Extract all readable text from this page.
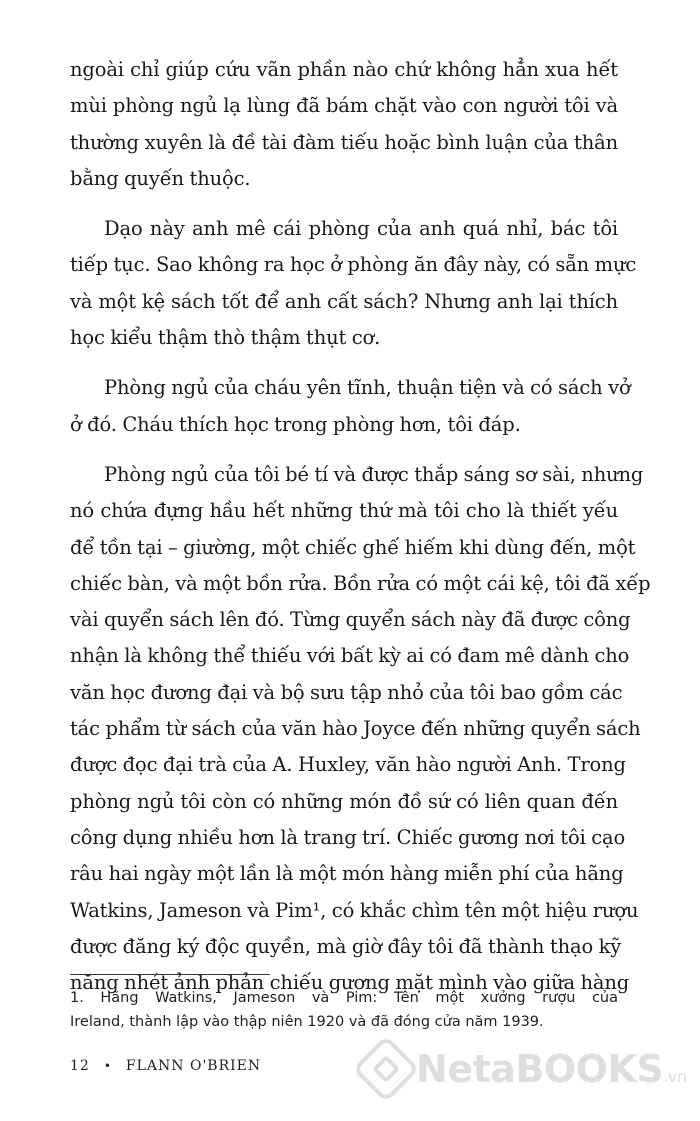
ngoài chỉ giúp cứu vãn phần nào chứ không hẳn xua hết
mùi phòng ngủ lạ lùng đã bám chặt vào con người tôi và
thường xuyên là đề tài đàm tiếu hoặc bình luận của thân
bằng quyến thuộc.
Dạo này anh mê cái phòng của anh quá nhỉ, bác tôi
tiếp tục. Sao không ra học ở phòng ăn đây này, có sẵn mực
và một kệ sách tốt để anh cất sách? Nhưng anh lại thích
học kiểu thậm thò thậm thụt cơ.
Phòng ngủ của cháu yên tĩnh, thuận tiện và có sách vở
ở đó. Cháu thích học trong phòng hơn, tôi đáp.
Phòng ngủ của tôi bé tí và được thắp sáng sơ sài, nhưng
nó chứa đựng hầu hết những thứ mà tôi cho là thiết yếu
để tồn tại – giường, một chiếc ghế hiếm khi dùng đến, một
chiếc bàn, và một bồn rửa. Bồn rửa có một cái kệ, tôi đã xếp
vài quyển sách lên đó. Từng quyển sách này đã được công
nhận là không thể thiếu với bất kỳ ai có đam mê dành cho
văn học đương đại và bộ sưu tập nhỏ của tôi bao gồm các
tác phẩm từ sách của văn hào Joyce đến những quyển sách
được đọc đại trà của A. Huxley, văn hào người Anh. Trong
phòng ngủ tôi còn có những món đồ sứ có liên quan đến
công dụng nhiều hơn là trang trí. Chiếc gương nơi tôi cạo
râu hai ngày một lần là một món hàng miễn phí của hãng
Watkins, Jameson và Pim¹, có khắc chìm tên một hiệu rượu
được đăng ký độc quyền, mà giờ đây tôi đã thành thạo kỹ
năng nhét ảnh phản chiếu gương mặt mình vào giữa hàng
1. Hãng Watkins, Jameson và Pim: Tên một xưởng rượu của
Ireland, thành lập vào thập niên 1920 và đã đóng cửa năm 1939.
12 • FLANN O'BRIEN	NetaBOOKS.vn
